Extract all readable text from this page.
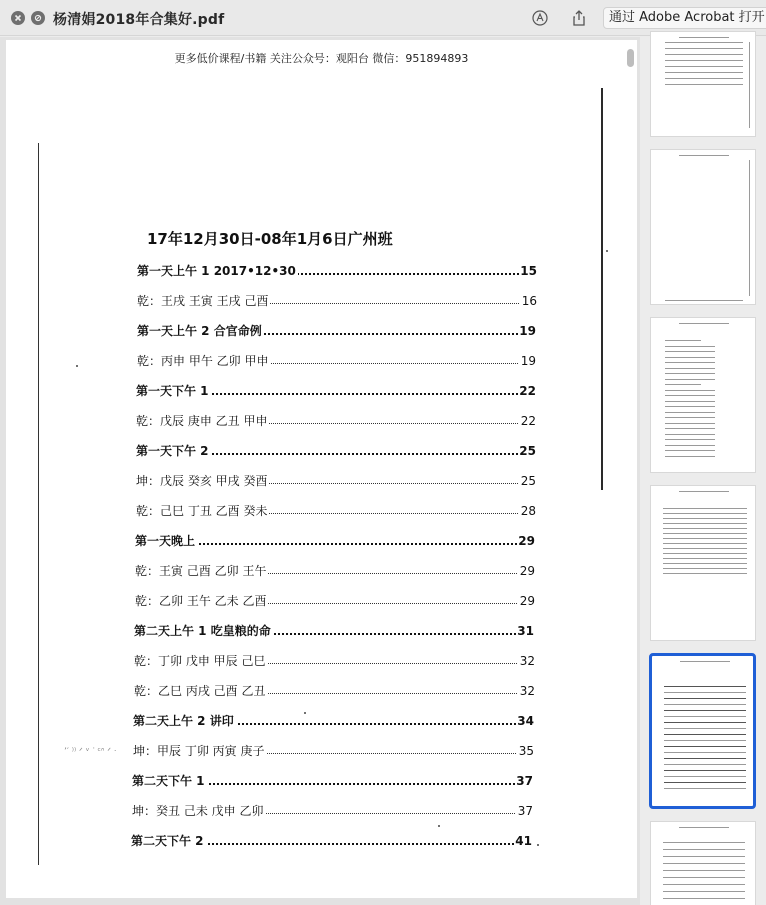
杨清娟2018年合集好.pdf	通过 Adobe Acrobat 打开
更多低价课程/书籍 关注公众号：观阳台 微信：951894893
17年12月30日-08年1月6日广州班
第一天上午 1 2017•12•30	15
乾：王戌 王寅 王戌 己酉	16
第一天上午 2 合官命例	19
乾：丙申 甲午 乙卯 甲申	19
第一天下午 1	22
乾：戊辰 庚申 乙丑 甲申	22
第一天下午 2	25
坤：戊辰 癸亥 甲戌 癸酉	25
乾：己巳 丁丑 乙酉 癸未	28
第一天晚上	29
乾：王寅 己酉 乙卯 王午	29
乾：乙卯 王午 乙未 乙酉	29
第二天上午 1 吃皇粮的命	31
乾：丁卯 戊申 甲辰 己巳	32
乾：乙巳 丙戌 己酉 乙丑	32
第二天上午 2 讲印	34
坤：甲辰 丁卯 丙寅 庚子	35
第二天下午 1	37
坤：癸丑 己未 戊申 乙卯	37
第二天下午 2	41
ʼ′ ⁾⁾ ᐟ ᵛ ᐝ ᶜᐢ ᐟ ᐧ
